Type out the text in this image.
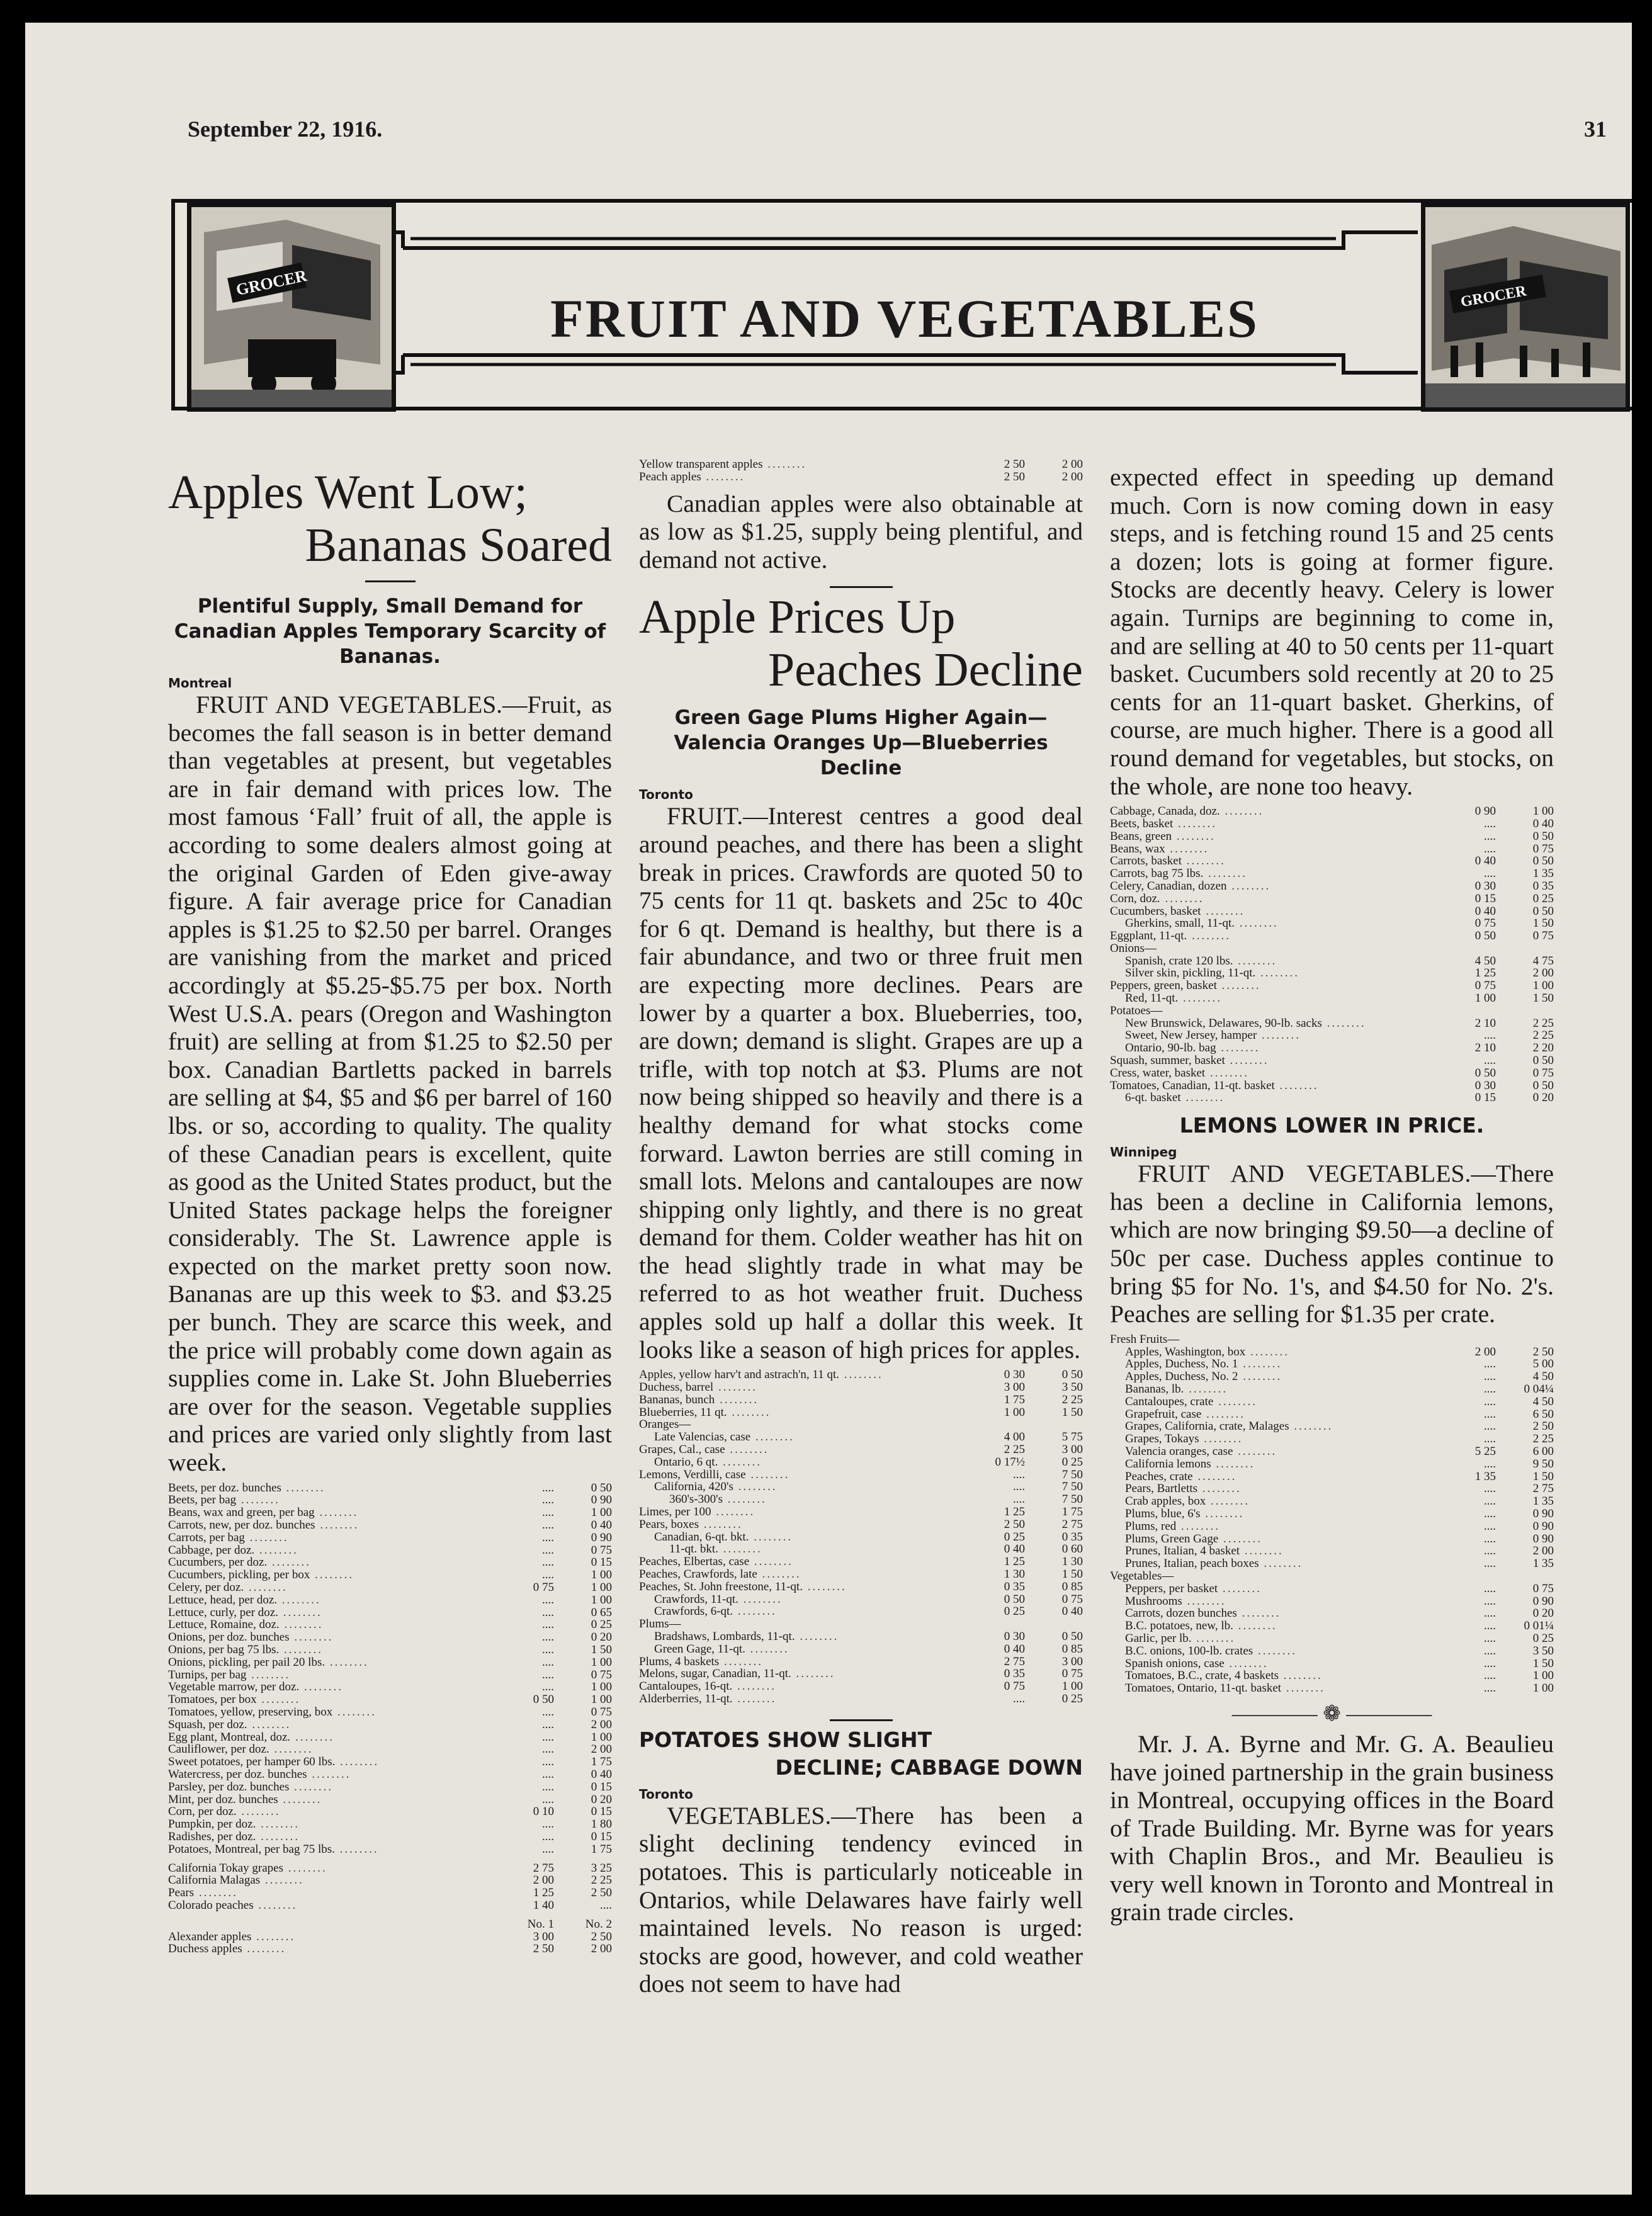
September 22, 1916.	31
GROCER
FRUIT AND VEGETABLES	GROCER
Apples Went Low;
Bananas Soared
Plentiful Supply, Small Demand for Canadian Apples Temporary Scarcity of Bananas.
Montreal

FRUIT AND VEGETABLES.—Fruit, as becomes the fall season is in better demand than vegetables at present, but vegetables are in fair demand with prices low. The most famous ‘Fall’ fruit of all, the apple is according to some dealers almost going at the original Garden of Eden give-away figure. A fair average price for Canadian apples is $1.25 to $2.50 per barrel. Oranges are vanishing from the market and priced accordingly at $5.25-$5.75 per box. North West U.S.A. pears (Oregon and Washington fruit) are selling at from $1.25 to $2.50 per box. Canadian Bartletts packed in barrels are selling at $4, $5 and $6 per barrel of 160 lbs. or so, according to quality. The quality of these Canadian pears is excellent, quite as good as the United States product, but the United States package helps the foreigner considerably. The St. Lawrence apple is expected on the market pretty soon now. Bananas are up this week to $3. and $3.25 per bunch. They are scarce this week, and the price will probably come down again as supplies come in. Lake St. John Blueberries are over for the season. Vegetable supplies and prices are varied only slightly from last week.

Beets, per doz. bunches ........	....		0 50
Beets, per bag ........	....		0 90
Beans, wax and green, per bag ........	....		1 00
Carrots, new, per doz. bunches ........	....		0 40
Carrots, per bag ........	....		0 90
Cabbage, per doz. ........	....		0 75
Cucumbers, per doz. ........	....		0 15
Cucumbers, pickling, per box ........	....		1 00
Celery, per doz. ........	0 75		1 00
Lettuce, head, per doz. ........	....		1 00
Lettuce, curly, per doz. ........	....		0 65
Lettuce, Romaine, doz. ........	....		0 25
Onions, per doz. bunches ........	....		0 20
Onions, per bag 75 lbs. ........	....		1 50
Onions, pickling, per pail 20 lbs. ........	....		1 00
Turnips, per bag ........	....		0 75
Vegetable marrow, per doz. ........	....		1 00
Tomatoes, per box ........	0 50		1 00
Tomatoes, yellow, preserving, box ........	....		0 75
Squash, per doz. ........	....		2 00
Egg plant, Montreal, doz. ........	....		1 00
Cauliflower, per doz. ........	....		2 00
Sweet potatoes, per hamper 60 lbs. ........	....		1 75
Watercress, per doz. bunches ........	....		0 40
Parsley, per doz. bunches ........	....		0 15
Mint, per doz. bunches ........	....		0 20
Corn, per doz. ........	0 10		0 15
Pumpkin, per doz. ........	....		1 80
Radishes, per doz. ........	....		0 15
Potatoes, Montreal, per bag 75 lbs. ........	....		1 75
California Tokay grapes ........	2 75		3 25
California Malagas ........	2 00		2 25
Pears ........	1 25		2 50
Colorado peaches ........	1 40		....
	No. 1		No. 2
Alexander apples ........	3 00		2 50
Duchess apples ........	2 50		2 00
Yellow transparent apples ........	2 50		2 00
Peach apples ........	2 50		2 00

Canadian apples were also obtainable at as low as $1.25, supply being plentiful, and demand not active.

Apple Prices Up
Peaches Decline
Green Gage Plums Higher Again—Valencia Oranges Up—Blueberries Decline
Toronto

FRUIT.—Interest centres a good deal around peaches, and there has been a slight break in prices. Crawfords are quoted 50 to 75 cents for 11 qt. baskets and 25c to 40c for 6 qt. Demand is healthy, but there is a fair abundance, and two or three fruit men are expecting more declines. Pears are lower by a quarter a box. Blueberries, too, are down; demand is slight. Grapes are up a trifle, with top notch at $3. Plums are not now being shipped so heavily and there is a healthy demand for what stocks come forward. Lawton berries are still coming in small lots. Melons and cantaloupes are now shipping only lightly, and there is no great demand for them. Colder weather has hit on the head slightly trade in what may be referred to as hot weather fruit. Duchess apples sold up half a dollar this week. It looks like a season of high prices for apples.

Apples, yellow harv't and astrach'n, 11 qt. ........	0 30		0 50
Duchess, barrel ........	3 00		3 50
Bananas, bunch ........	1 75		2 25
Blueberries, 11 qt. ........	1 00		1 50
Oranges—			
Late Valencias, case ........	4 00		5 75
Grapes, Cal., case ........	2 25		3 00
Ontario, 6 qt. ........	0 17½		0 25
Lemons, Verdilli, case ........	....		7 50
California, 420's ........	....		7 50
360's-300's ........	....		7 50
Limes, per 100 ........	1 25		1 75
Pears, boxes ........	2 50		2 75
Canadian, 6-qt. bkt. ........	0 25		0 35
11-qt. bkt. ........	0 40		0 60
Peaches, Elbertas, case ........	1 25		1 30
Peaches, Crawfords, late ........	1 30		1 50
Peaches, St. John freestone, 11-qt. ........	0 35		0 85
Crawfords, 11-qt. ........	0 50		0 75
Crawfords, 6-qt. ........	0 25		0 40
Plums—			
Bradshaws, Lombards, 11-qt. ........	0 30		0 50
Green Gage, 11-qt. ........	0 40		0 85
Plums, 4 baskets ........	2 75		3 00
Melons, sugar, Canadian, 11-qt. ........	0 35		0 75
Cantaloupes, 16-qt. ........	0 75		1 00
Alderberries, 11-qt. ........	....		0 25
POTATOES SHOW SLIGHT
DECLINE; CABBAGE DOWN
Toronto

VEGETABLES.—There has been a slight declining tendency evinced in potatoes. This is particularly noticeable in Ontarios, while Delawares have fairly well maintained levels. No reason is urged: stocks are good, however, and cold weather does not seem to have had

expected effect in speeding up demand much. Corn is now coming down in easy steps, and is fetching round 15 and 25 cents a dozen; lots is going at former figure. Stocks are decently heavy. Celery is lower again. Turnips are beginning to come in, and are selling at 40 to 50 cents per 11-quart basket. Cucumbers sold recently at 20 to 25 cents for an 11-quart basket. Gherkins, of course, are much higher. There is a good all round demand for vegetables, but stocks, on the whole, are none too heavy.

Cabbage, Canada, doz. ........	0 90		1 00
Beets, basket ........	....		0 40
Beans, green ........	....		0 50
Beans, wax ........	....		0 75
Carrots, basket ........	0 40		0 50
Carrots, bag 75 lbs. ........	....		1 35
Celery, Canadian, dozen ........	0 30		0 35
Corn, doz. ........	0 15		0 25
Cucumbers, basket ........	0 40		0 50
Gherkins, small, 11-qt. ........	0 75		1 50
Eggplant, 11-qt. ........	0 50		0 75
Onions—			
Spanish, crate 120 lbs. ........	4 50		4 75
Silver skin, pickling, 11-qt. ........	1 25		2 00
Peppers, green, basket ........	0 75		1 00
Red, 11-qt. ........	1 00		1 50
Potatoes—			
New Brunswick, Delawares, 90-lb. sacks ........	2 10		2 25
Sweet, New Jersey, hamper ........	....		2 25
Ontario, 90-lb. bag ........	2 10		2 20
Squash, summer, basket ........	....		0 50
Cress, water, basket ........	0 50		0 75
Tomatoes, Canadian, 11-qt. basket ........	0 30		0 50
6-qt. basket ........	0 15		0 20
LEMONS LOWER IN PRICE.
Winnipeg

FRUIT AND VEGETABLES.—There has been a decline in California lemons, which are now bringing $9.50—a decline of 50c per case. Duchess apples continue to bring $5 for No. 1's, and $4.50 for No. 2's. Peaches are selling for $1.35 per crate.

Fresh Fruits—			
Apples, Washington, box ........	2 00		2 50
Apples, Duchess, No. 1 ........	....		5 00
Apples, Duchess, No. 2 ........	....		4 50
Bananas, lb. ........	....		0 04¼
Cantaloupes, crate ........	....		4 50
Grapefruit, case ........	....		6 50
Grapes, California, crate, Malages ........	....		2 50
Grapes, Tokays ........	....		2 25
Valencia oranges, case ........	5 25		6 00
California lemons ........	....		9 50
Peaches, crate ........	1 35		1 50
Pears, Bartletts ........	....		2 75
Crab apples, box ........	....		1 35
Plums, blue, 6's ........	....		0 90
Plums, red ........	....		0 90
Plums, Green Gage ........	....		0 90
Prunes, Italian, 4 basket ........	....		2 00
Prunes, Italian, peach boxes ........	....		1 35
Vegetables—			
Peppers, per basket ........	....		0 75
Mushrooms ........	....		0 90
Carrots, dozen bunches ........	....		0 20
B.C. potatoes, new, lb. ........	....		0 01¼
Garlic, per lb. ........	....		0 25
B.C. onions, 100-lb. crates ........	....		3 50
Spanish onions, case ........	....		1 50
Tomatoes, B.C., crate, 4 baskets ........	....		1 00
Tomatoes, Ontario, 11-qt. basket ........	....		1 00
———— ❁ ————

Mr. J. A. Byrne and Mr. G. A. Beaulieu have joined partnership in the grain business in Montreal, occupying offices in the Board of Trade Building. Mr. Byrne was for years with Chaplin Bros., and Mr. Beaulieu is very well known in Toronto and Montreal in grain trade circles.
